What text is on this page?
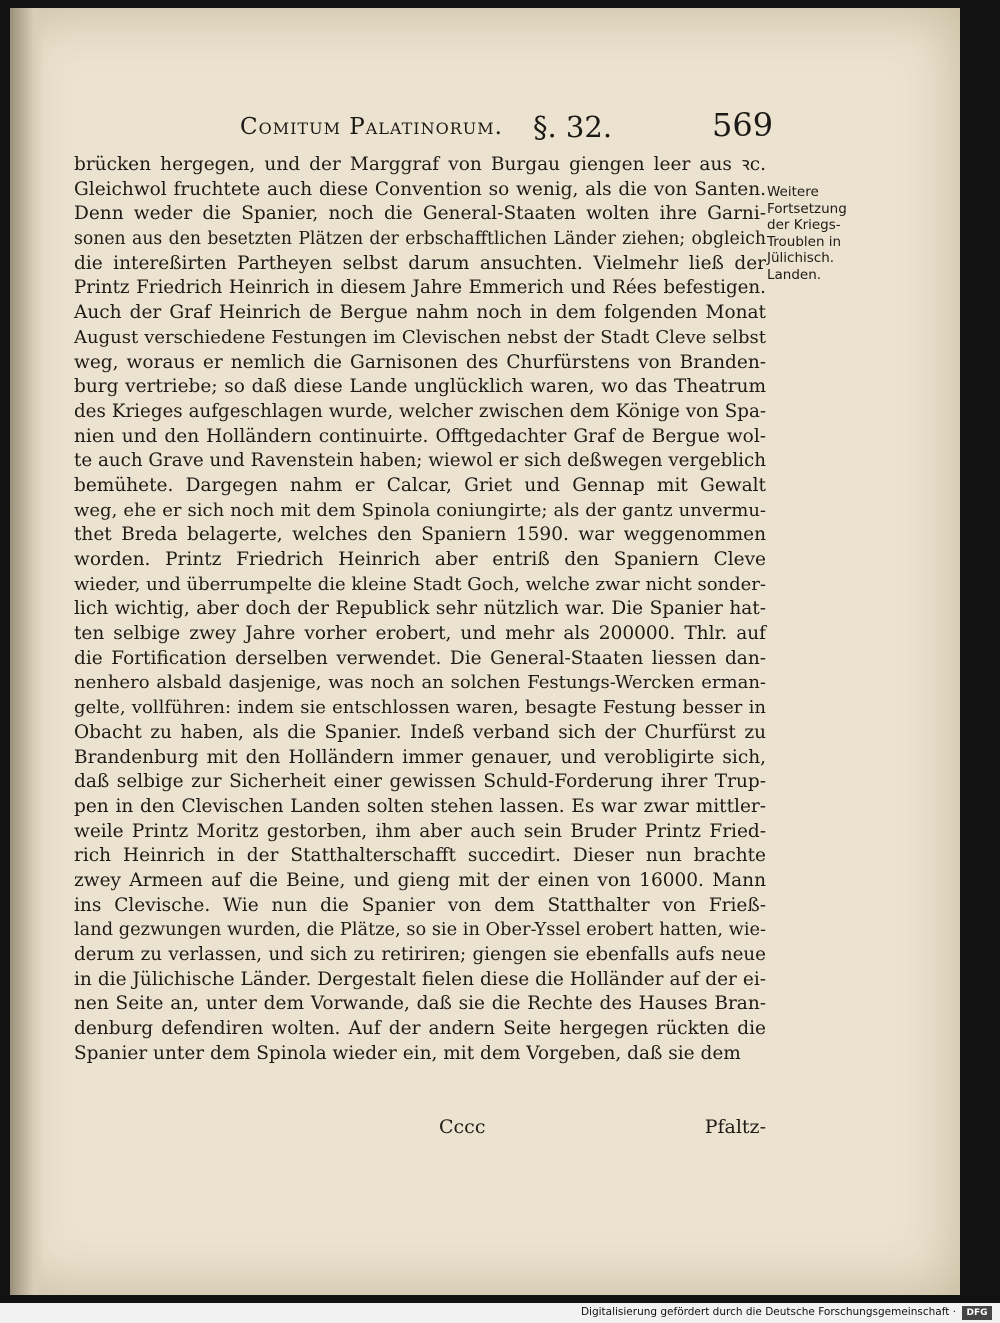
Comitum Palatinorum. §. 32.	569
brücken hergegen, und der Marggraf von Burgau giengen leer aus ꝛc.
Gleichwol fruchtete auch diese Convention so wenig, als die von Santen.
Denn weder die Spanier, noch die General-Staaten wolten ihre Garni-
sonen aus den besetzten Plätzen der erbschafftlichen Länder ziehen; obgleich
die intereßirten Partheyen selbst darum ansuchten. Vielmehr ließ der
Printz Friedrich Heinrich in diesem Jahre Emmerich und Rées befestigen.
Auch der Graf Heinrich de Bergue nahm noch in dem folgenden Monat
August verschiedene Festungen im Clevischen nebst der Stadt Cleve selbst
weg, woraus er nemlich die Garnisonen des Churfürstens von Branden-
burg vertriebe; so daß diese Lande unglücklich waren, wo das Theatrum
des Krieges aufgeschlagen wurde, welcher zwischen dem Könige von Spa-
nien und den Holländern continuirte. Offtgedachter Graf de Bergue wol-
te auch Grave und Ravenstein haben; wiewol er sich deßwegen vergeblich
bemühete. Dargegen nahm er Calcar, Griet und Gennap mit Gewalt
weg, ehe er sich noch mit dem Spinola coniungirte; als der gantz unvermu-
thet Breda belagerte, welches den Spaniern 1590. war weggenommen
worden. Printz Friedrich Heinrich aber entriß den Spaniern Cleve
wieder, und überrumpelte die kleine Stadt Goch, welche zwar nicht sonder-
lich wichtig, aber doch der Republick sehr nützlich war. Die Spanier hat-
ten selbige zwey Jahre vorher erobert, und mehr als 200000. Thlr. auf
die Fortification derselben verwendet. Die General-Staaten liessen dan-
nenhero alsbald dasjenige, was noch an solchen Festungs-Wercken erman-
gelte, vollführen: indem sie entschlossen waren, besagte Festung besser in
Obacht zu haben, als die Spanier. Indeß verband sich der Churfürst zu
Brandenburg mit den Holländern immer genauer, und verobligirte sich,
daß selbige zur Sicherheit einer gewissen Schuld-Forderung ihrer Trup-
pen in den Clevischen Landen solten stehen lassen. Es war zwar mittler-
weile Printz Moritz gestorben, ihm aber auch sein Bruder Printz Fried-
rich Heinrich in der Statthalterschafft succedirt. Dieser nun brachte
zwey Armeen auf die Beine, und gieng mit der einen von 16000. Mann
ins Clevische. Wie nun die Spanier von dem Statthalter von Frieß-
land gezwungen wurden, die Plätze, so sie in Ober-Yssel erobert hatten, wie-
derum zu verlassen, und sich zu retiriren; giengen sie ebenfalls aufs neue
in die Jülichische Länder. Dergestalt fielen diese die Holländer auf der ei-
nen Seite an, unter dem Vorwande, daß sie die Rechte des Hauses Bran-
denburg defendiren wolten. Auf der andern Seite hergegen rückten die
Spanier unter dem Spinola wieder ein, mit dem Vorgeben, daß sie dem
Weitere
Fortsetzung
der Kriegs-
Troublen in
Jülichisch.
Landen.
Cccc	Pfaltz-
Digitalisierung gefördert durch die Deutsche Forschungsgemeinschaft ·	DFG
